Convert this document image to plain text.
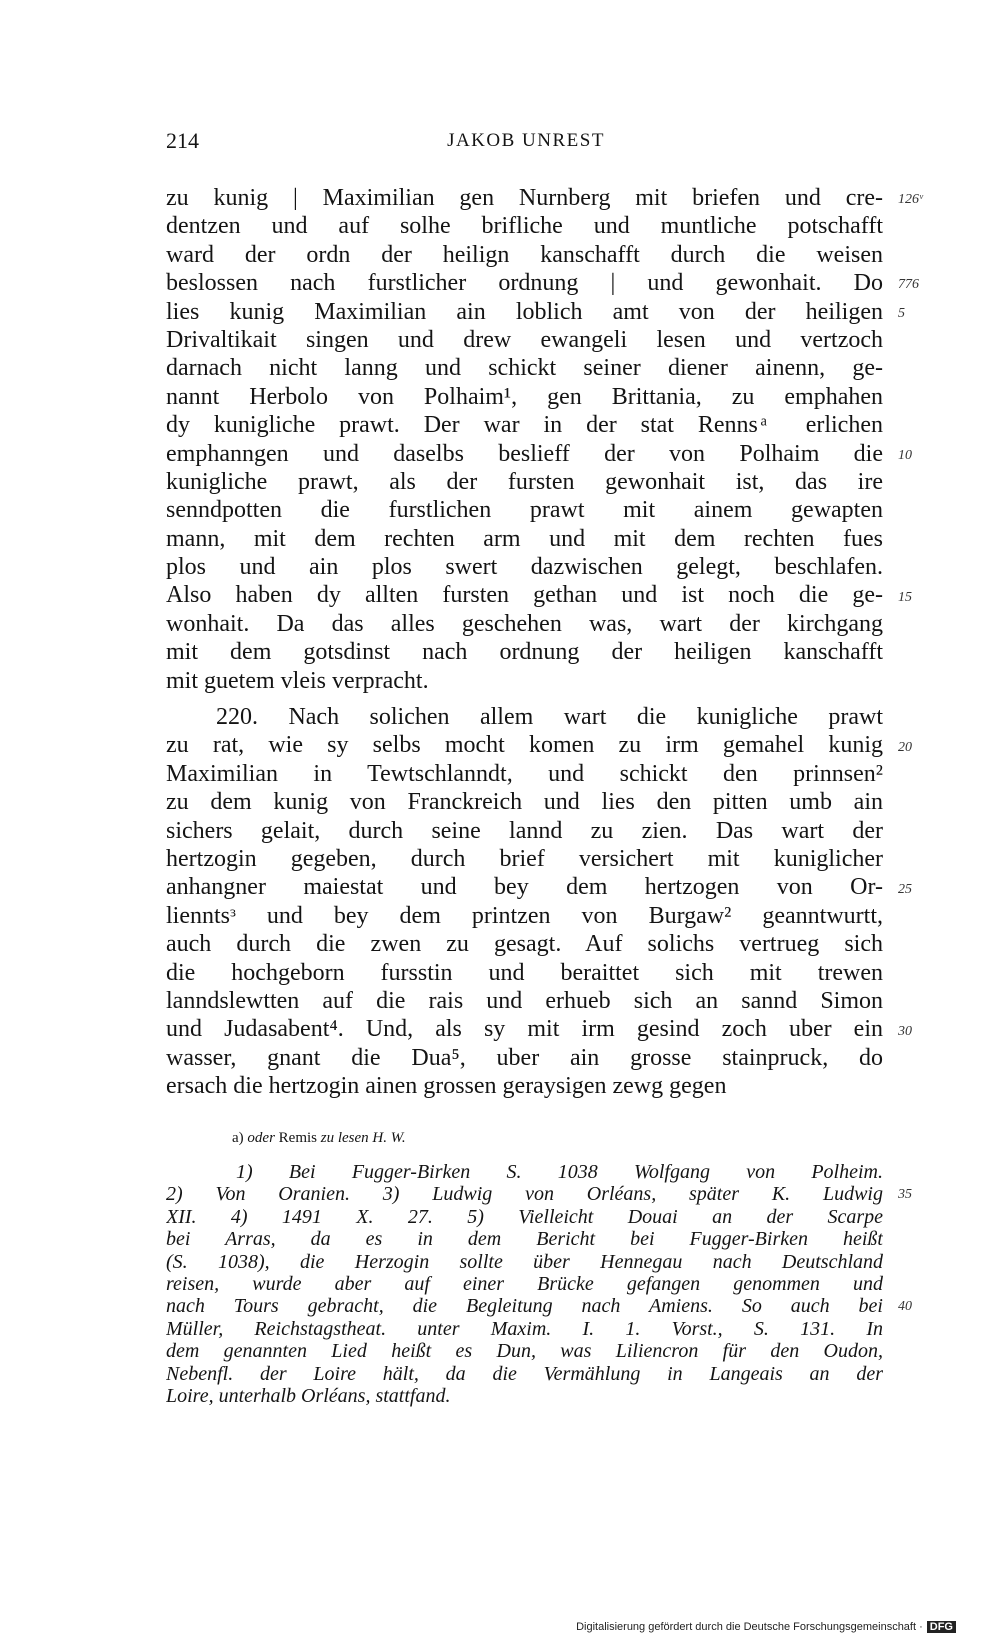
214	JAKOB UNREST
zu kunig | Maximilian gen Nurnberg mit briefen und cre-
dentzen und auf solhe brifliche und muntliche potschafft
ward der ordn der heilign kanschafft durch die weisen
beslossen nach furstlicher ordnung | und gewonhait. Do
lies kunig Maximilian ain loblich amt von der heiligen
Drivaltikait singen und drew ewangeli lesen und vertzoch
darnach nicht lanng und schickt seiner diener ainenn, ge-
nannt Herbolo von Polhaim¹, gen Brittania, zu emphahen
dy kunigliche prawt. Der war in der stat Renns ͣ erlichen
emphanngen und daselbs beslieff der von Polhaim die
kunigliche prawt, als der fursten gewonhait ist, das ire
senndpotten die furstlichen prawt mit ainem gewapten
mann, mit dem rechten arm und mit dem rechten fues
plos und ain plos swert dazwischen gelegt, beschlafen.
Also haben dy allten fursten gethan und ist noch die ge-
wonhait. Da das alles geschehen was, wart der kirchgang
mit dem gotsdinst nach ordnung der heiligen kanschafft
mit guetem vleis verpracht.
220. Nach solichen allem wart die kunigliche prawt
zu rat, wie sy selbs mocht komen zu irm gemahel kunig
Maximilian in Tewtschlanndt, und schickt den prinnsen²
zu dem kunig von Franckreich und lies den pitten umb ain
sichers gelait, durch seine lannd zu zien. Das wart der
hertzogin gegeben, durch brief versichert mit kuniglicher
anhangner maiestat und bey dem hertzogen von Or-
lienntsᵌ und bey dem printzen von Burgaw² geanntwurtt,
auch durch die zwen zu gesagt. Auf solichs vertrueg sich
die hochgeborn fursstin und beraittet sich mit trewen
lanndslewtten auf die rais und erhueb sich an sannd Simon
und Judasabent⁴. Und, als sy mit irm gesind zoch uber ein
wasser, gnant die Dua⁵, uber ain grosse stainpruck, do
ersach die hertzogin ainen grossen geraysigen zewg gegen
126ᵛ
776
5
10
15
20
25
30
35
40
a) oder Remis zu lesen H. W.
1) Bei Fugger-Birken S. 1038 Wolfgang von Polheim.
2) Von Oranien. 3) Ludwig von Orléans, später K. Ludwig
XII. 4) 1491 X. 27. 5) Vielleicht Douai an der Scarpe
bei Arras, da es in dem Bericht bei Fugger-Birken heißt
(S. 1038), die Herzogin sollte über Hennegau nach Deutschland
reisen, wurde aber auf einer Brücke gefangen genommen und
nach Tours gebracht, die Begleitung nach Amiens. So auch bei
Müller, Reichstagstheat. unter Maxim. I. 1. Vorst., S. 131. In
dem genannten Lied heißt es Dun, was Liliencron für den Oudon,
Nebenfl. der Loire hält, da die Vermählung in Langeais an der
Loire, unterhalb Orléans, stattfand.
Digitalisierung gefördert durch die Deutsche Forschungsgemeinschaft · DFG
